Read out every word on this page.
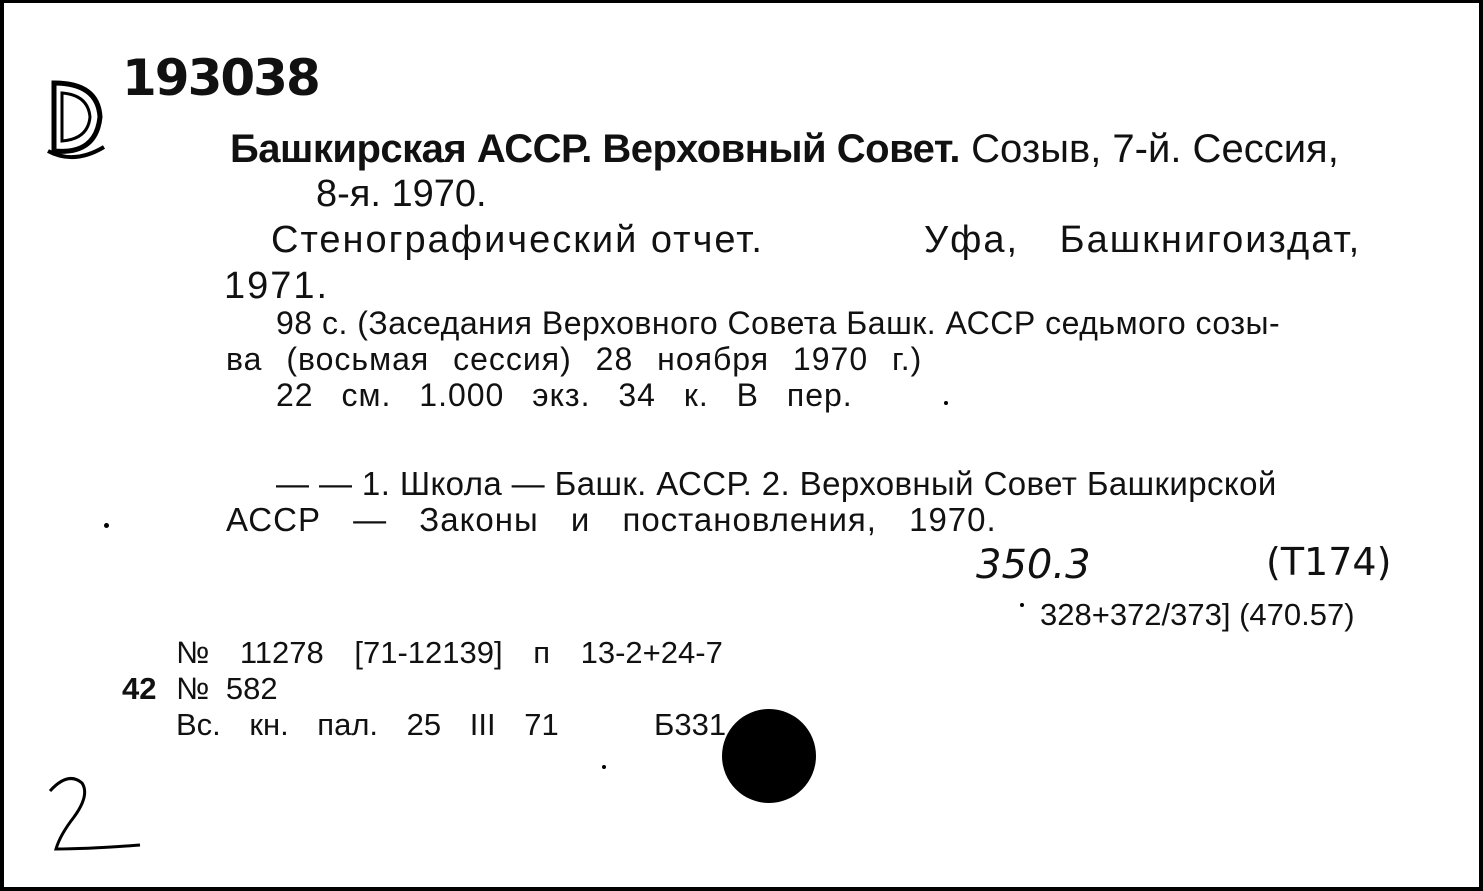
193038
Башкирская АССР. Верховный Совет. Созыв, 7-й. Сессия,
8-я. 1970.
Стенографический отчет.	Уфа, Башкнигоиздат,
1971.
98 с. (Заседания Верховного Совета Башк. АССР седьмого созы-
ва (восьмая сессия) 28 ноября 1970 г.)
22 см. 1.000 экз. 34 к. В пер.
— — 1. Школа — Башк. АССР. 2. Верховный Совет Башкирской
АССР — Законы и постановления, 1970.
350.3	(Т174)
328+372/373] (470.57)
№ 11278 [71-12139] п 13-2+24-7
42 № 582
Вс. кн. пал. 25 III 71	Б331
